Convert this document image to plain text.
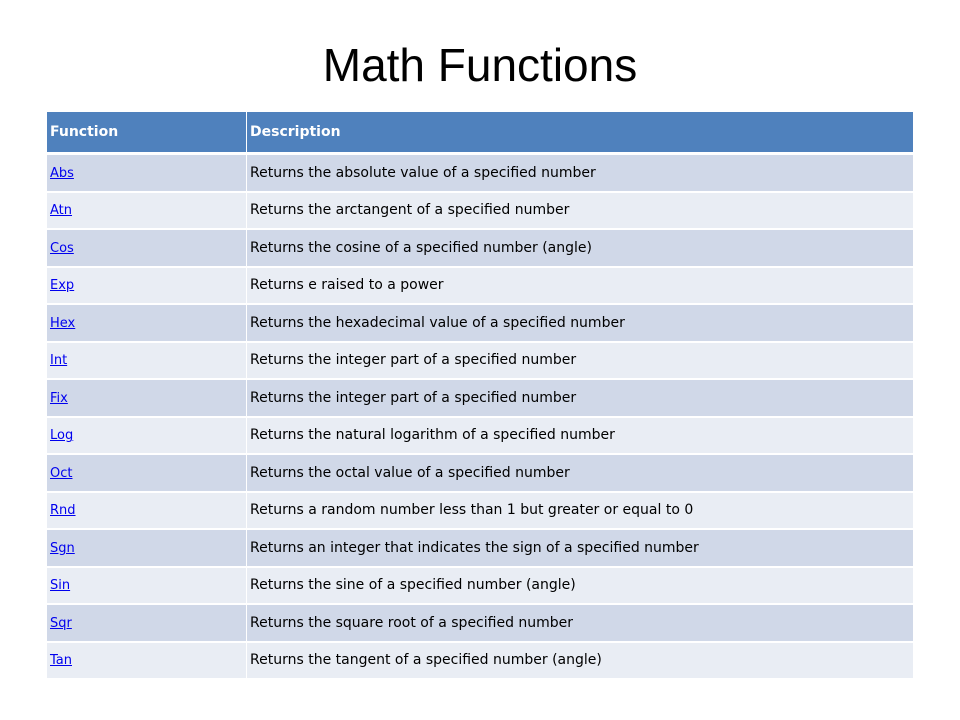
Math Functions
Function	Description
Abs	Returns the absolute value of a specified number
Atn	Returns the arctangent of a specified number
Cos	Returns the cosine of a specified number (angle)
Exp	Returns e raised to a power
Hex	Returns the hexadecimal value of a specified number
Int	Returns the integer part of a specified number
Fix	Returns the integer part of a specified number
Log	Returns the natural logarithm of a specified number
Oct	Returns the octal value of a specified number
Rnd	Returns a random number less than 1 but greater or equal to 0
Sgn	Returns an integer that indicates the sign of a specified number
Sin	Returns the sine of a specified number (angle)
Sqr	Returns the square root of a specified number
Tan	Returns the tangent of a specified number (angle)
